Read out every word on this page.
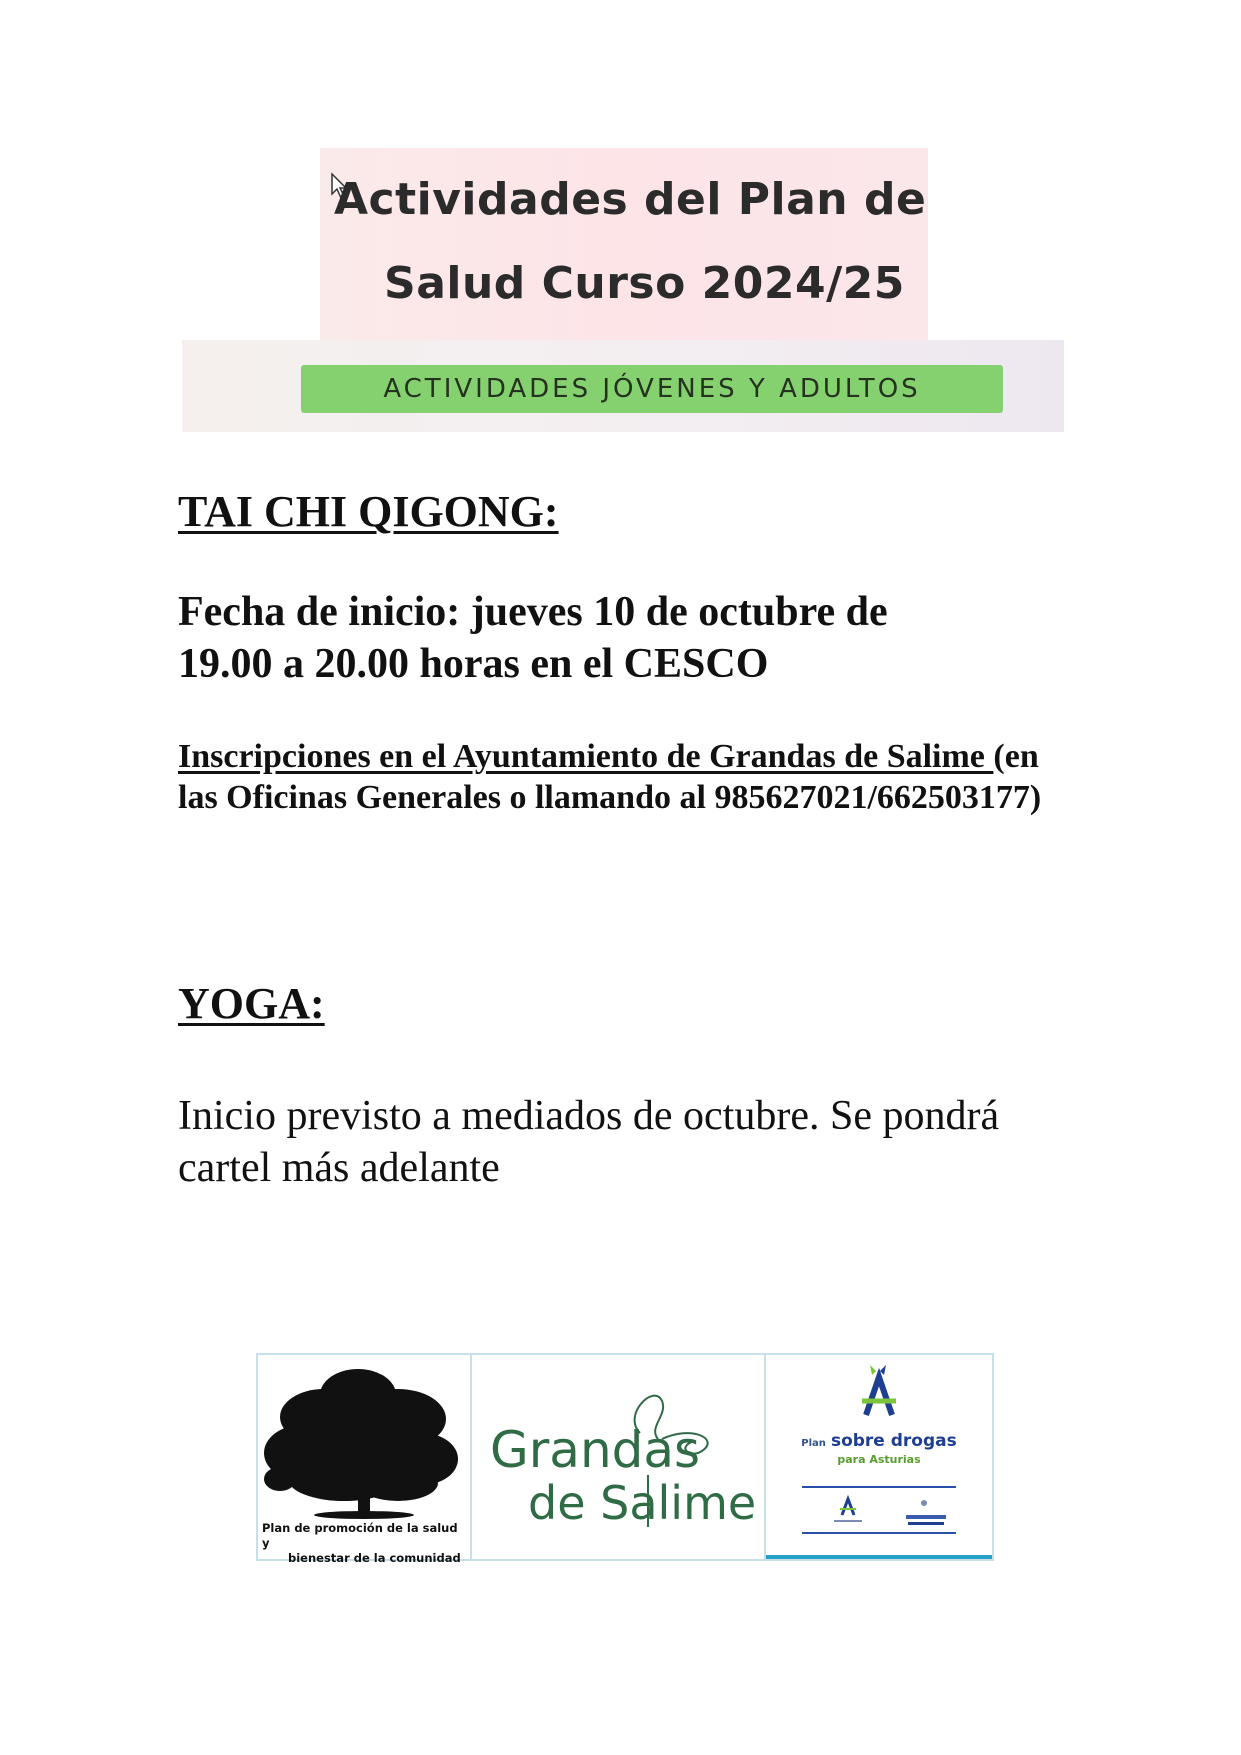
Actividades del Plan de
Salud Curso 2024/25
ACTIVIDADES JÓVENES Y ADULTOS
TAI CHI QIGONG:
Fecha de inicio: jueves 10 de octubre de
19.00 a 20.00 horas en el CESCO
Inscripciones en el Ayuntamiento de Grandas de Salime (en las Oficinas Generales o llamando al 985627021/662503177)
YOGA:
Inicio previsto a mediados de octubre. Se pondrá cartel más adelante
Plan de promoción de la salud y
bienestar de la comunidad
Grandas
de Salime
Plan sobre drogas
para Asturias
